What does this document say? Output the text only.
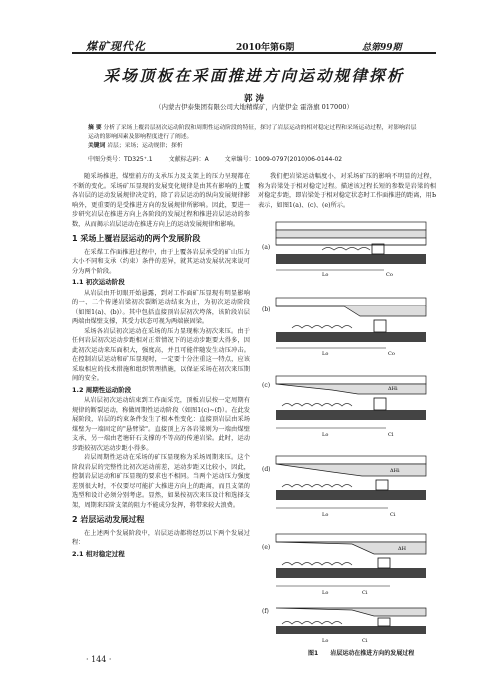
煤矿现代化	2010年第6期	总第99期
采场顶板在采面推进方向运动规律探析
郭 涛
（内蒙古伊泰集团有限公司大地精煤矿，内蒙伊金 霍洛旗 017000）
摘 要 分析了采场上覆岩层初次运动阶段和周期性运动阶段的特征，探讨了岩层运动的相对稳定过程和采场运动过程，对影响岩层运动的影响因素及影响程度进行了阐述。
关键词 岩层；采场；运动规律；探析
中图分类号：TD325⁺.1	文献标志码：A	文章编号：1009-0797(2010)06-0144-02

随采场推进，煤壁前方的支承压力及支架上的压力呈现都在不断的变化。采场矿压显现的发展变化规律是由其有影响的上覆各岩层的运动发展规律决定的，除了岩层运动的纵向发展规律影响外，更重要的是受推进方向的发展规律所影响。因此，要进一步研究岩层在推进方向上各阶段的发展过程和推进岩层运动的参数，从而揭示岩层运动在推进方向上的运动发展规律和影响。

1 采场上覆岩层运动的两个发展阶段

在采煤工作面推进过程中，由于上覆各岩层承受的矿山压力大小不同和支承（约束）条件的差异，就其运动发展状况来说可分为两个阶段。

1.1 初次运动阶段

从岩层由开切眼开始悬露，到对工作面矿压显现有明显影响的一、二个传递岩梁初次裂断运动结束为止，为初次运动阶段（如图1(a)、(b)）。其中包括直接顶岩层初次垮落，该阶段岩层两端由煤壁支撑，其受力状态可视为两端嵌固梁。

采场各岩层初次运动在采场的压力显现称为初次来压。由于任何岩层初次运动步距相对正常情况下的运动步距要大得多，因此初次运动来压面积大，强度高，并且可能伴随发生动压冲击。在控制岩层运动和矿压显现时，一定要十分注重这一特点，应该采取相应的技术措施和组织管理措施，以保证采场在初次来压期间的安全。

1.2 周期性运动阶段

从岩层初次运动结束到工作面采完，顶板岩层按一定周期有规律的断裂运动，称做周期性运动阶段（如图1(c)~(f)）。在此发展阶段，岩层的约束条件发生了根本性变化：直接顶岩层由采场煤壁为一端固定的"悬臂梁"。直接顶上方各岩梁则为一端由煤壁支承，另一端由老塘矸石支撑的不等高的传递岩梁。此时，运动步距较初次运动步距小得多。

岩层周期性运动在采场的矿压显现称为采场周期来压。这个阶段岩层的完整性比初次运动前差，运动步距又比较小，因此，控制岩层运动和矿压显现的要求也不相同。当两个运动压力强度差别很大时，不仅要尽可能扩大推进方向上的距离，而且支架的选型和设计必须分别考虑。显然，如果按初次来压设计和选择支架，周期来压阶支架的阻力不能成分发挥，将带来较大浪费。

2 岩层运动发展过程

在上述两个发展阶段中，岩层运动都将经历以下两个发展过程：

2.1 相对稳定过程

我们把岩梁运动幅度小，对采场矿压的影响不明显的过程，称为岩梁处于相对稳定过程。描述该过程长短的参数是岩梁的相对稳定步距，即岩梁处于相对稳定状态时工作面推进的距离，用Ь表示，如图1(a)、(c)、(e)所示。

(a)
Lo	Co
(b)
Lo	Co
(c)	ΔHi
Lo	Cl
(d)	ΔHi
Lo	Ci
(e)	ΔH
Ci
Lo
(f)
Ci
Lo
图1 岩层运动在推进方向的发展过程
· 144 ·
